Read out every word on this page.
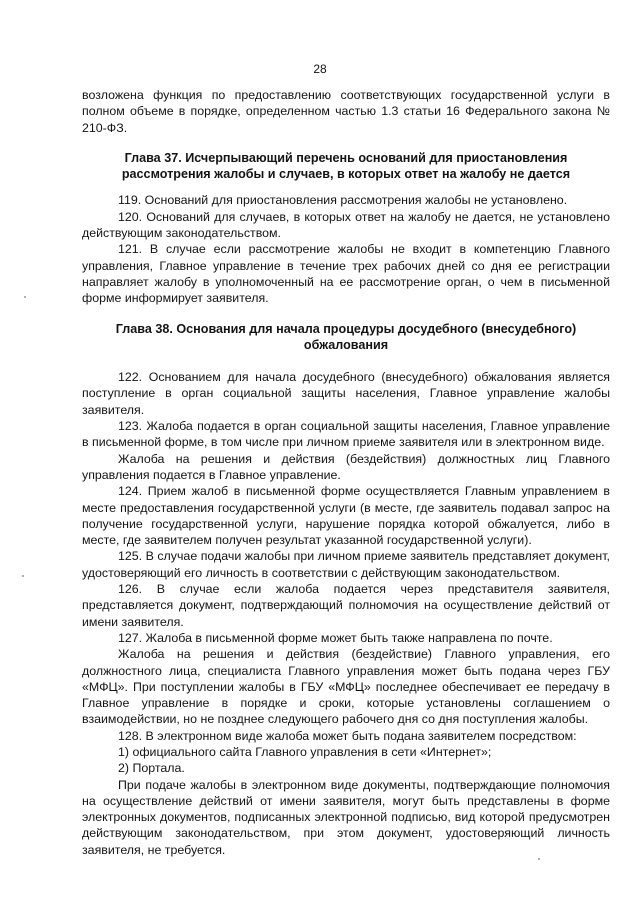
28

возложена функция по предоставлению соответствующих государственной услуги в полном объеме в порядке, определенном частью 1.3 статьи 16 Федерального закона № 210-ФЗ.

Глава 37. Исчерпывающий перечень оснований для приостановления рассмотрения жалобы и случаев, в которых ответ на жалобу не дается

119. Оснований для приостановления рассмотрения жалобы не установлено.

120. Оснований для случаев, в которых ответ на жалобу не дается, не установлено действующим законодательством.

121. В случае если рассмотрение жалобы не входит в компетенцию Главного управления, Главное управление в течение трех рабочих дней со дня ее регистрации направляет жалобу в уполномоченный на ее рассмотрение орган, о чем в письменной форме информирует заявителя.

Глава 38. Основания для начала процедуры досудебного (внесудебного) обжалования

122. Основанием для начала досудебного (внесудебного) обжалования является поступление в орган социальной защиты населения, Главное управление жалобы заявителя.

123. Жалоба подается в орган социальной защиты населения, Главное управление в письменной форме, в том числе при личном приеме заявителя или в электронном виде.

Жалоба на решения и действия (бездействия) должностных лиц Главного управления подается в Главное управление.

124. Прием жалоб в письменной форме осуществляется Главным управлением в месте предоставления государственной услуги (в месте, где заявитель подавал запрос на получение государственной услуги, нарушение порядка которой обжалуется, либо в месте, где заявителем получен результат указанной государственной услуги).

125. В случае подачи жалобы при личном приеме заявитель представляет документ, удостоверяющий его личность в соответствии с действующим законодательством.

126. В случае если жалоба подается через представителя заявителя, представляется документ, подтверждающий полномочия на осуществление действий от имени заявителя.

127. Жалоба в письменной форме может быть также направлена по почте.

Жалоба на решения и действия (бездействие) Главного управления, его должностного лица, специалиста Главного управления может быть подана через ГБУ «МФЦ». При поступлении жалобы в ГБУ «МФЦ» последнее обеспечивает ее передачу в Главное управление в порядке и сроки, которые установлены соглашением о взаимодействии, но не позднее следующего рабочего дня со дня поступления жалобы.

128. В электронном виде жалоба может быть подана заявителем посредством:

1) официального сайта Главного управления в сети «Интернет»;

2) Портала.

При подаче жалобы в электронном виде документы, подтверждающие полномочия на осуществление действий от имени заявителя, могут быть представлены в форме электронных документов, подписанных электронной подписью, вид которой предусмотрен действующим законодательством, при этом документ, удостоверяющий личность заявителя, не требуется.
